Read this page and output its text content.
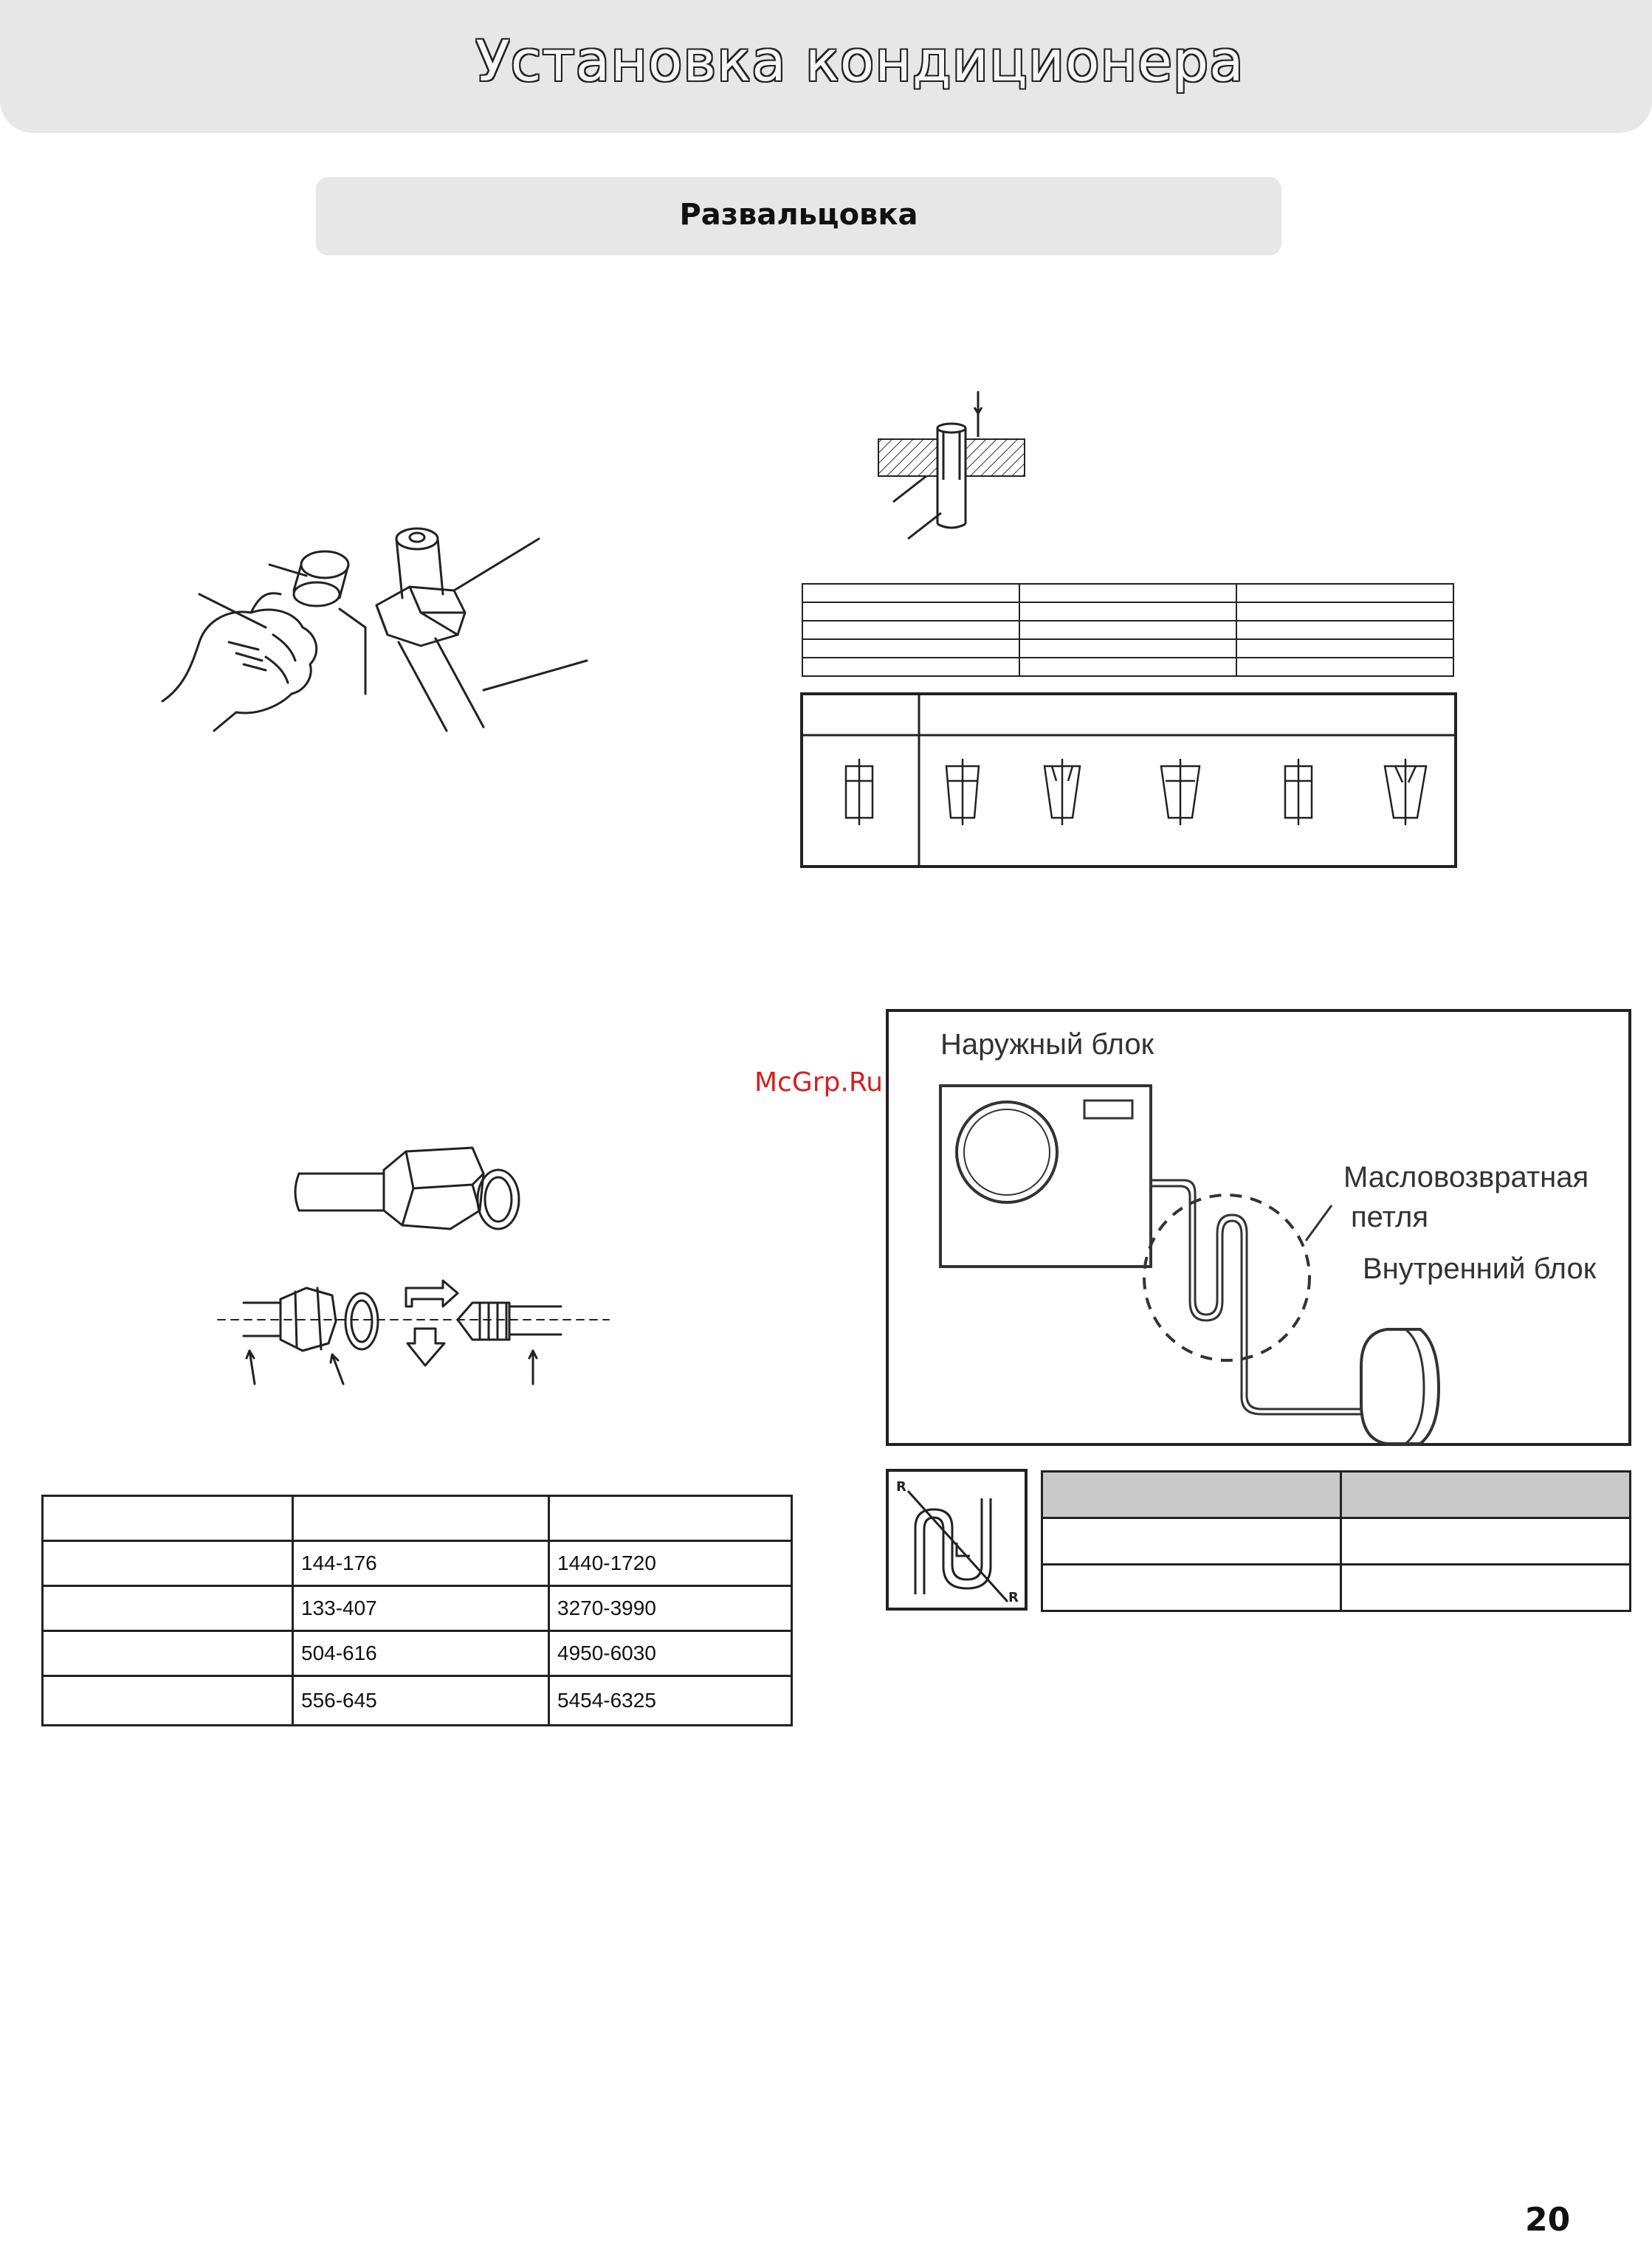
Установка кондиционера
Развальцовка

	144-176	1440-1720
	133-407	3270-3990
	504-616	4950-6030
	556-645	5454-6325
McGrp.Ru
Наружный блок
Масловозвратная
петля
Внутренний блок
R
R

20
